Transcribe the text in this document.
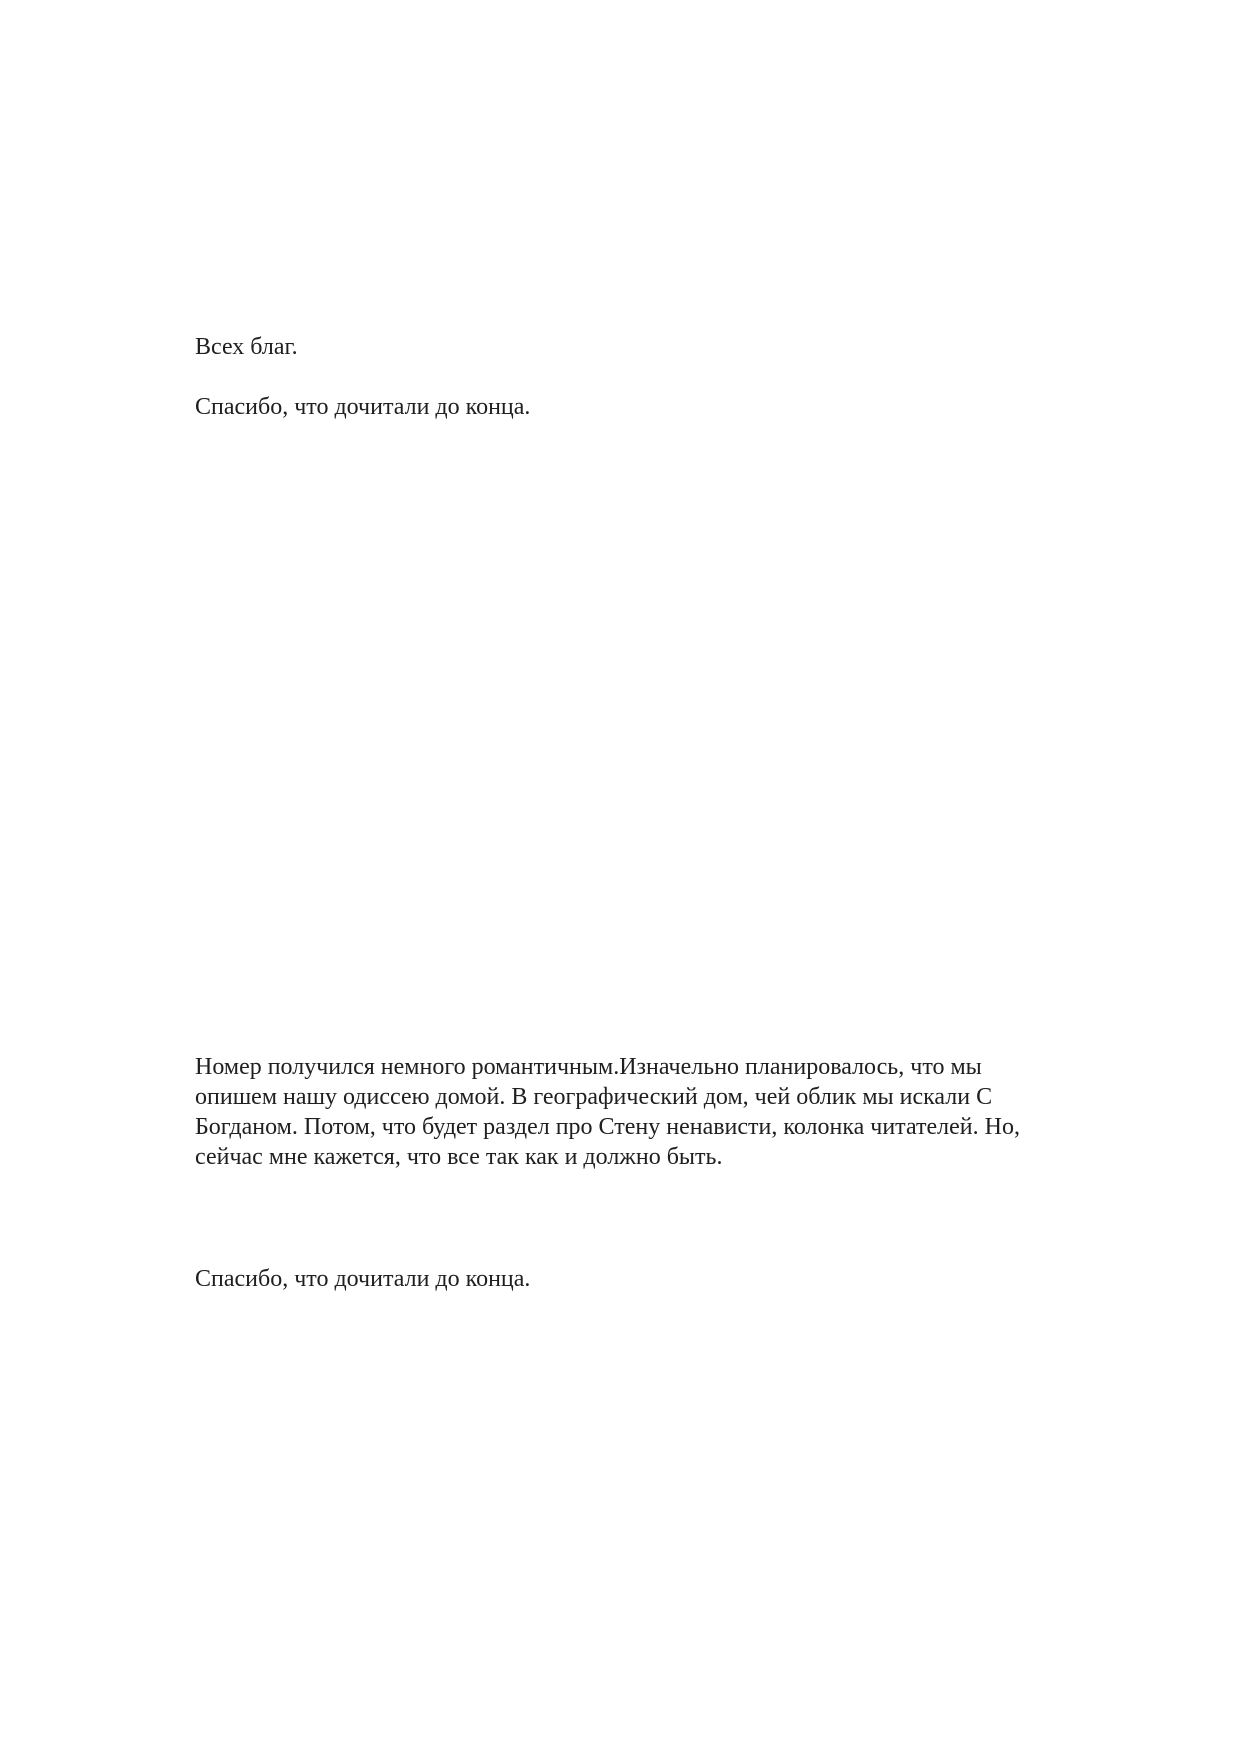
Всех благ.

Спасибо, что дочитали до конца.

Номер получился немного романтичным.Изначельно планировалось, что мы
опишем нашу одиссею домой. В географический дом, чей облик мы искали С
Богданом. Потом, что будет раздел про Стену ненависти, колонка читателей. Но,
сейчас мне кажется, что все так как и должно быть.

Спасибо, что дочитали до конца.
